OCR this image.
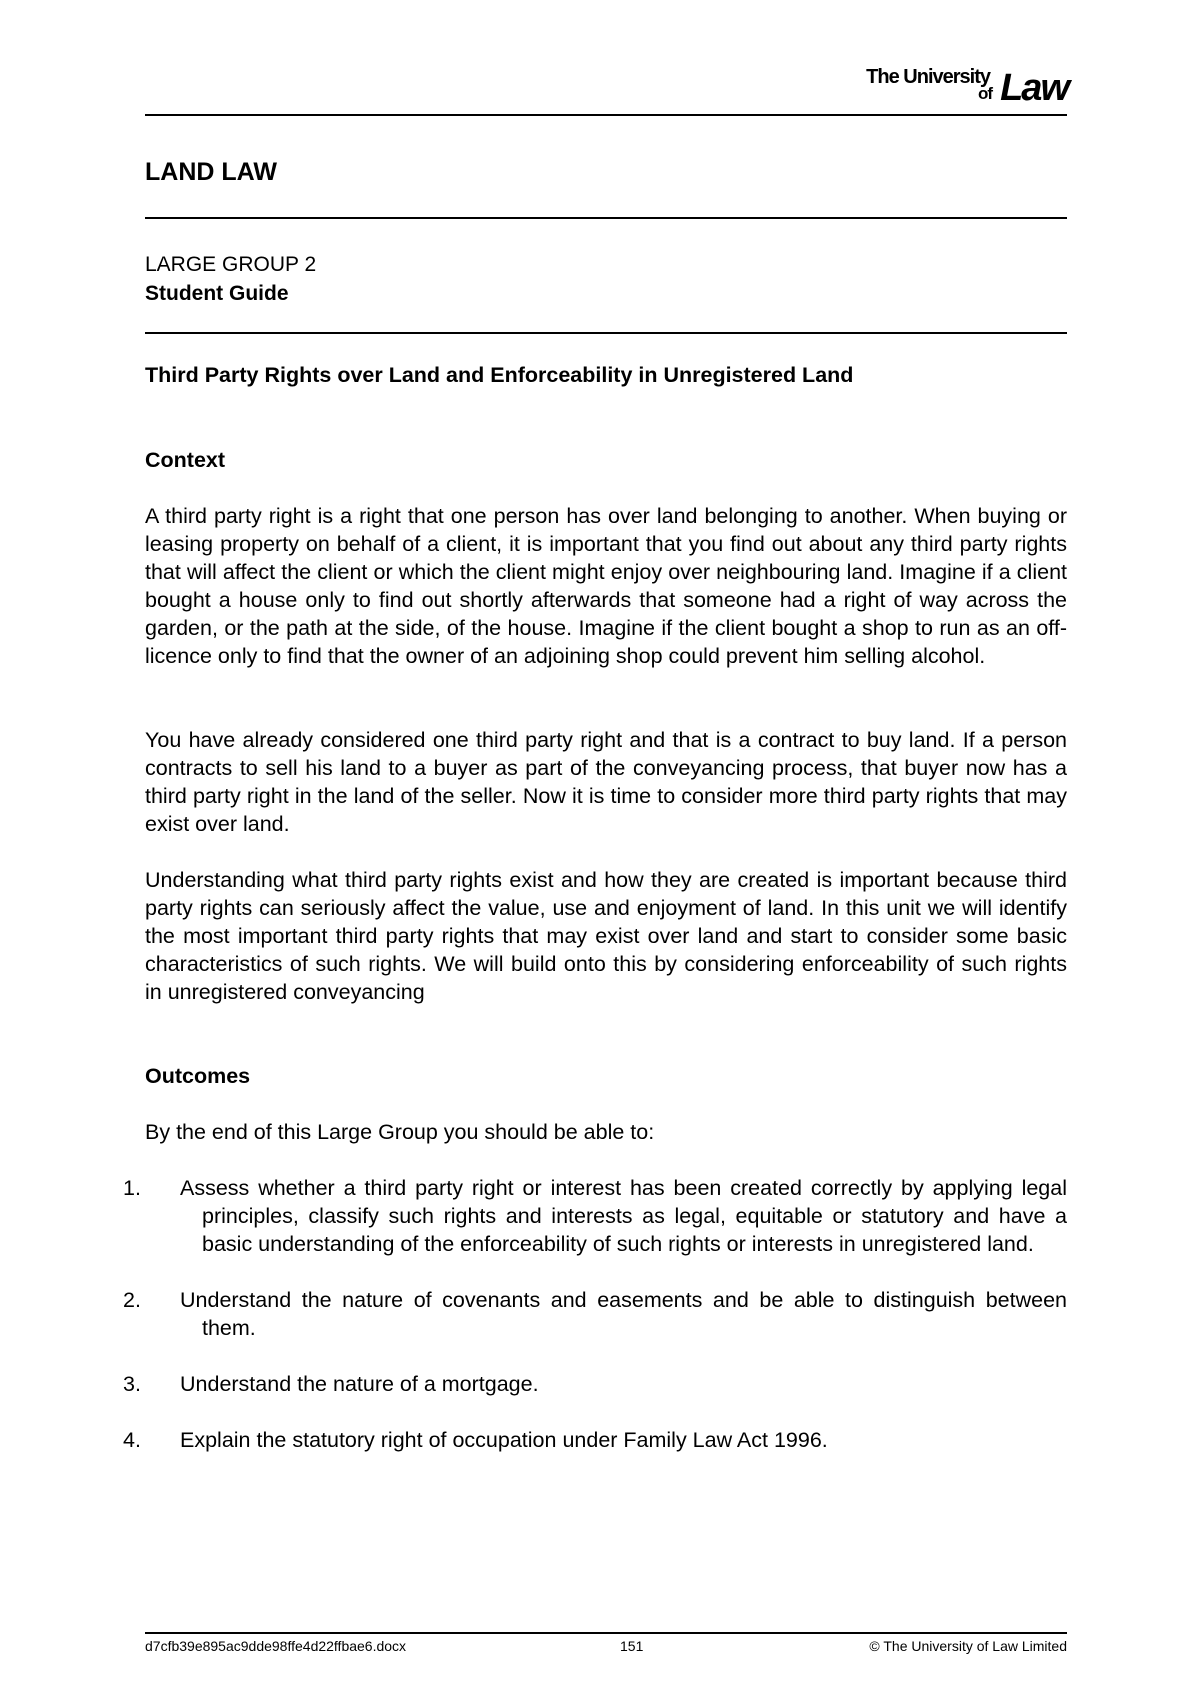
The University
of Law
LAND LAW
LARGE GROUP 2
Student Guide
Third Party Rights over Land and Enforceability in Unregistered Land
Context
A third party right is a right that one person has over land belonging to another. When buying or leasing property on behalf of a client, it is important that you find out about any third party rights that will affect the client or which the client might enjoy over neighbouring land. Imagine if a client bought a house only to find out shortly afterwards that someone had a right of way across the garden, or the path at the side, of the house. Imagine if the client bought a shop to run as an off-licence only to find that the owner of an adjoining shop could prevent him selling alcohol.
You have already considered one third party right and that is a contract to buy land. If a person contracts to sell his land to a buyer as part of the conveyancing process, that buyer now has a third party right in the land of the seller. Now it is time to consider more third party rights that may exist over land.
Understanding what third party rights exist and how they are created is important because third party rights can seriously affect the value, use and enjoyment of land. In this unit we will identify the most important third party rights that may exist over land and start to consider some basic characteristics of such rights. We will build onto this by considering enforceability of such rights in unregistered conveyancing
Outcomes
By the end of this Large Group you should be able to:
1. Assess whether a third party right or interest has been created correctly by applying legal principles, classify such rights and interests as legal, equitable or statutory and have a basic understanding of the enforceability of such rights or interests in unregistered land.
2. Understand the nature of covenants and easements and be able to distinguish between them.
3. Understand the nature of a mortgage.
4. Explain the statutory right of occupation under Family Law Act 1996.
d7cfb39e895ac9dde98ffe4d22ffbae6.docx	151	© The University of Law Limited
